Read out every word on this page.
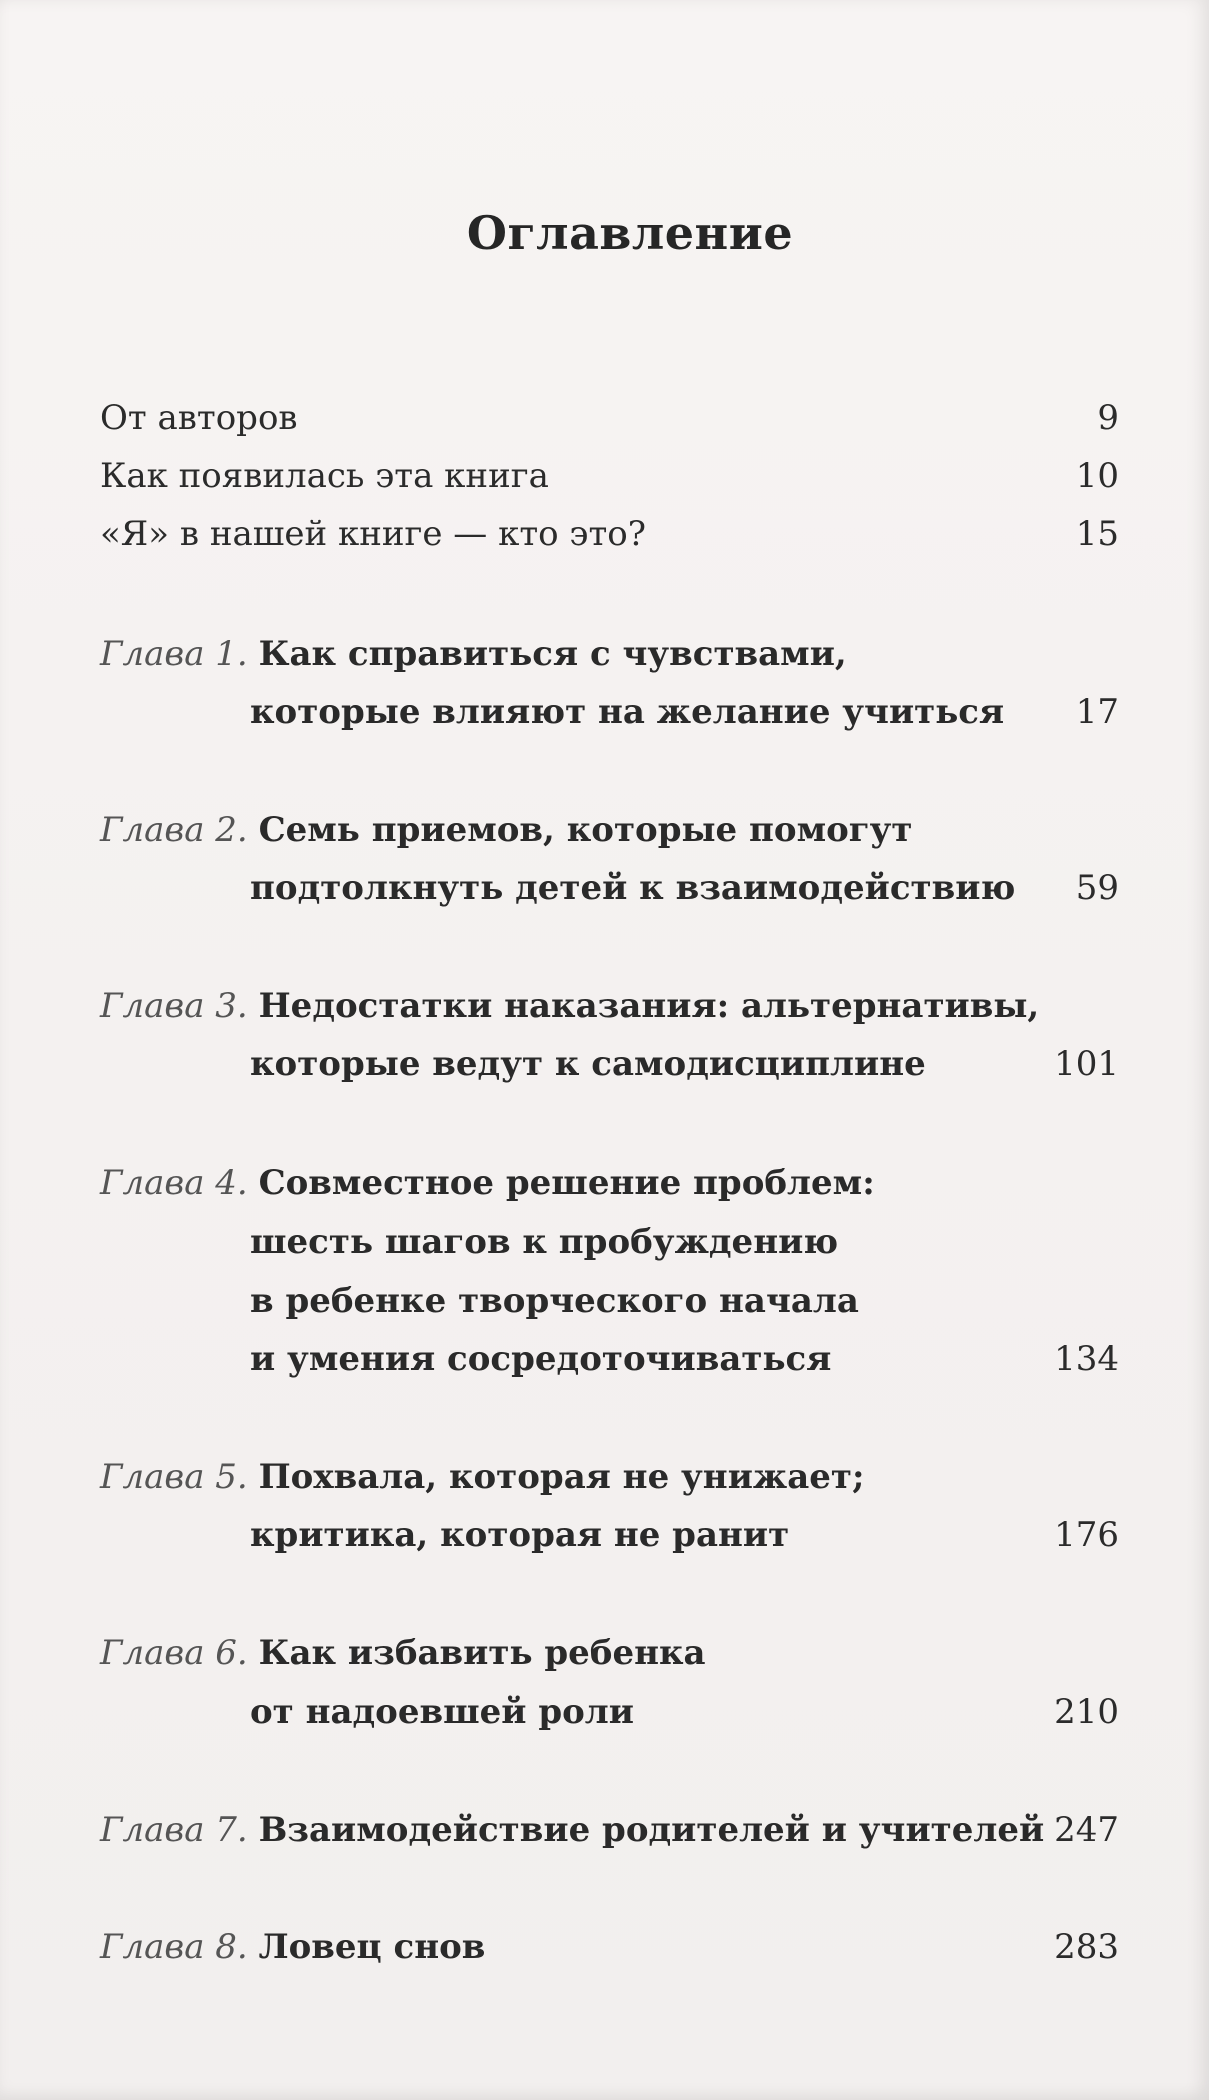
Оглавление
От авторов	9
Как появилась эта книга	10
«Я» в нашей книге — кто это?	15
Глава 1. Как справиться с чувствами,
которые влияют на желание учиться 17
Глава 2. Семь приемов, которые помогут
подтолкнуть детей к взаимодействию 59
Глава 3. Недостатки наказания: альтернативы,
которые ведут к самодисциплине	101
Глава 4. Совместное решение проблем:
шесть шагов к пробуждению
в ребенке творческого начала
и умения сосредоточиваться	134
Глава 5. Похвала, которая не унижает;
критика, которая не ранит	176
Глава 6. Как избавить ребенка
от надоевшей роли	210
Глава 7. Взаимодействие родителей и учителей 247
Глава 8. Ловец снов	283
